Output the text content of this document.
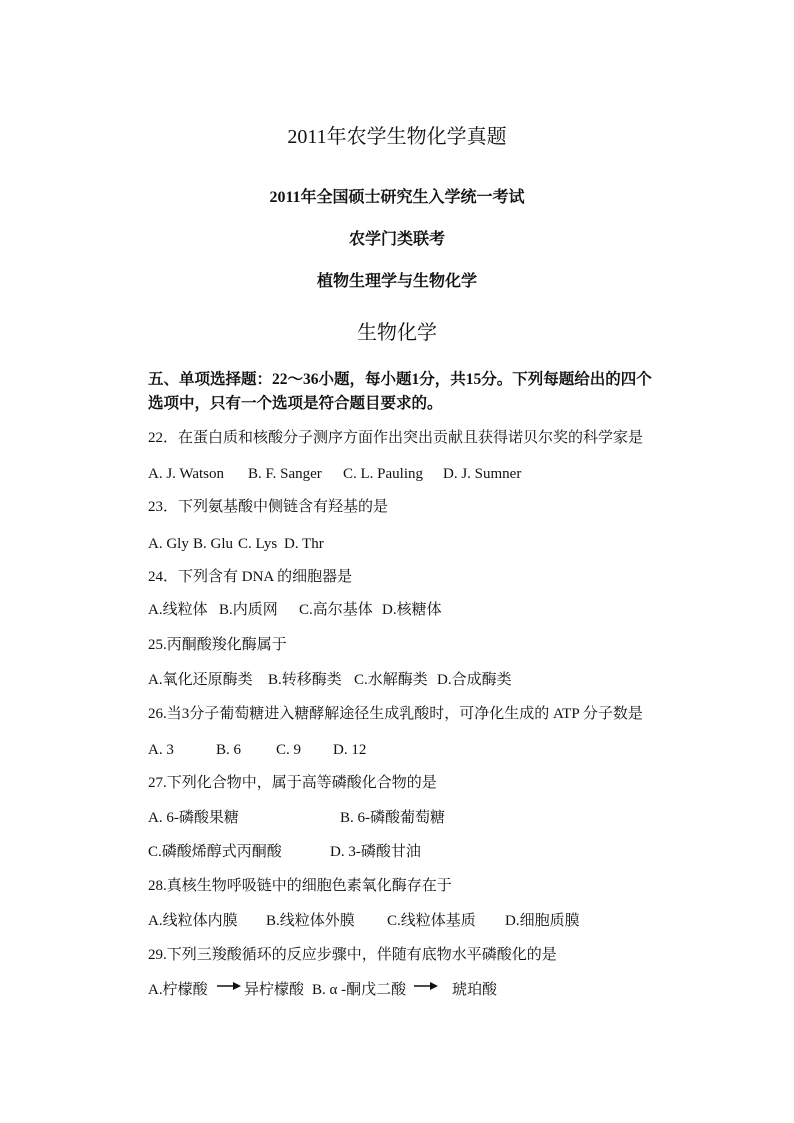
2011年农学生物化学真题
2011年全国硕士研究生入学统一考试
农学门类联考
植物生理学与生物化学
生物化学
五、单项选择题：22～36小题，每小题1分，共15分。下列每题给出的四个
选项中，只有一个选项是符合题目要求的。
22．在蛋白质和核酸分子测序方面作出突出贡献且获得诺贝尔奖的科学家是
A. J. Watson B. F. Sanger C. L. Pauling D. J. Sumner
23．下列氨基酸中侧链含有羟基的是
A. Gly B. Glu C. Lys D. Thr
24．下列含有 DNA 的细胞器是
A.线粒体 B.内质网 C.高尔基体 D.核糖体
25.丙酮酸羧化酶属于
A.氧化还原酶类 B.转移酶类 C.水解酶类 D.合成酶类
26.当3分子葡萄糖进入糖酵解途径生成乳酸时，可净化生成的 ATP 分子数是
A. 3	B. 6 C. 9 D. 12
27.下列化合物中，属于高等磷酸化合物的是
A. 6-磷酸果糖	B. 6-磷酸葡萄糖
C.磷酸烯醇式丙酮酸	D. 3-磷酸甘油
28.真核生物呼吸链中的细胞色素氧化酶存在于
A.线粒体内膜 B.线粒体外膜 C.线粒体基质 D.细胞质膜
29.下列三羧酸循环的反应步骤中，伴随有底物水平磷酸化的是
A.柠檬酸 异柠檬酸 B. α -酮戊二酸	琥珀酸
